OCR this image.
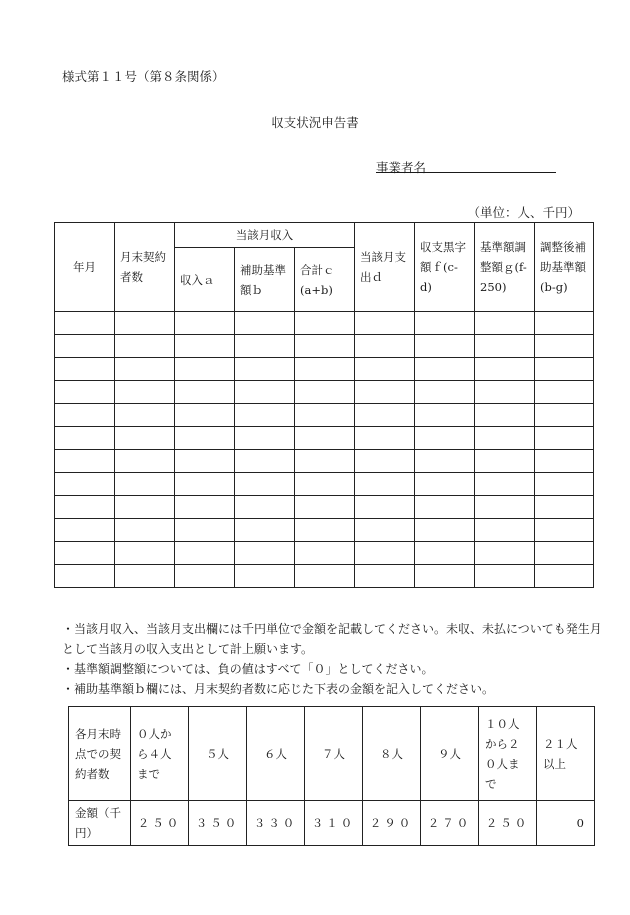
様式第１１号（第８条関係）
収支状況申告書
事業者名
（単位：人、千円）
年月	月末契約者数	当該月収入			当該月支出ｄ	収支黒字額ｆ(c-d)	基準額調整額ｇ(f-250)	調整後補助基準額(b-g)
		収入ａ	補助基準額ｂ	合計ｃ(a+b)				

・当該月収入、当該月支出欄には千円単位で金額を記載してください。未収、未払についても発生月として当該月の収入支出として計上願います。
・基準額調整額については、負の値はすべて「０」としてください。
・補助基準額ｂ欄には、月末契約者数に応じた下表の金額を記入してください。
各月末時点での契約者数	０人から４人まで	５人	６人	７人	８人	９人	１０人から２０人まで	２１人以上
金額（千円）	２５０	３５０	３３０	３１０	２９０	２７０	２５０	0
